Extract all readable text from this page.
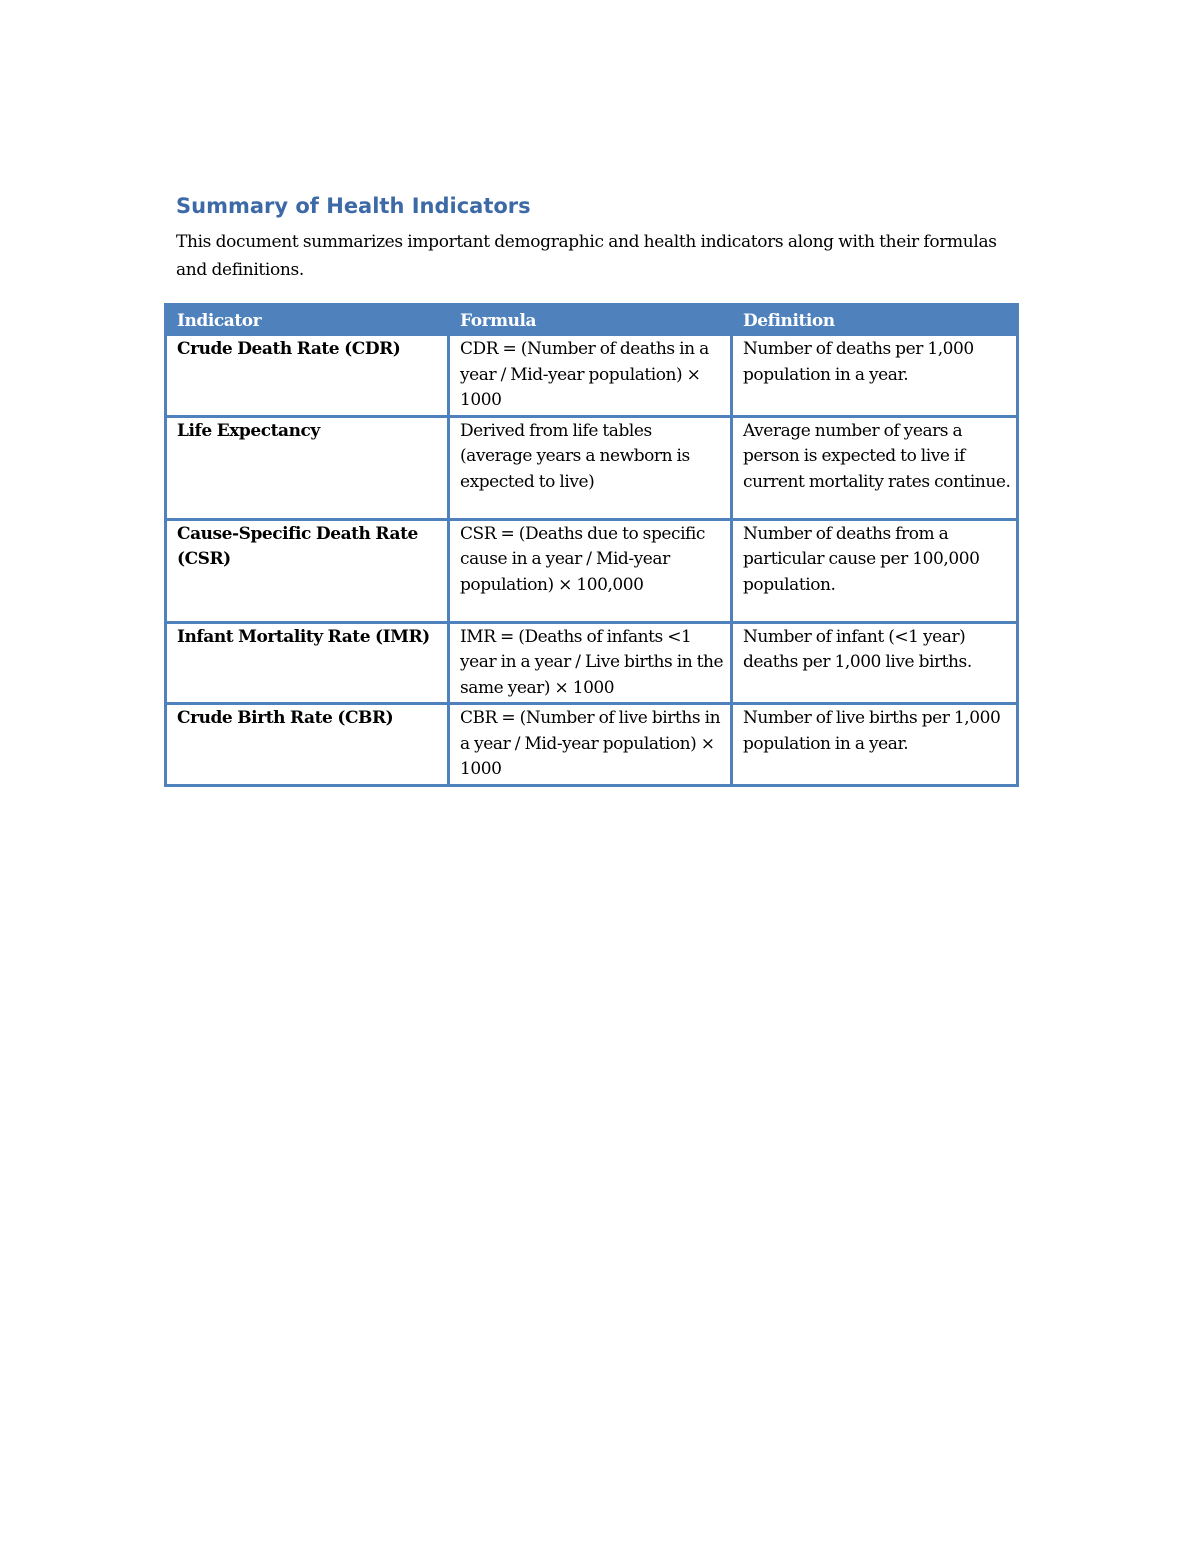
Summary of Health Indicators

This document summarizes important demographic and health indicators along with their formulas and definitions.

Indicator	Formula	Definition
Crude Death Rate (CDR)	CDR = (Number of deaths in a year / Mid-year population) × 1000	Number of deaths per 1,000 population in a year.
Life Expectancy	Derived from life tables (average years a newborn is expected to live)	Average number of years a person is expected to live if current mortality rates continue.
Cause-Specific Death Rate (CSR)	CSR = (Deaths due to specific cause in a year / Mid-year population) × 100,000	Number of deaths from a particular cause per 100,000 population.
Infant Mortality Rate (IMR)	IMR = (Deaths of infants <1 year in a year / Live births in the same year) × 1000	Number of infant (<1 year) deaths per 1,000 live births.
Crude Birth Rate (CBR)	CBR = (Number of live births in a year / Mid-year population) × 1000	Number of live births per 1,000 population in a year.
